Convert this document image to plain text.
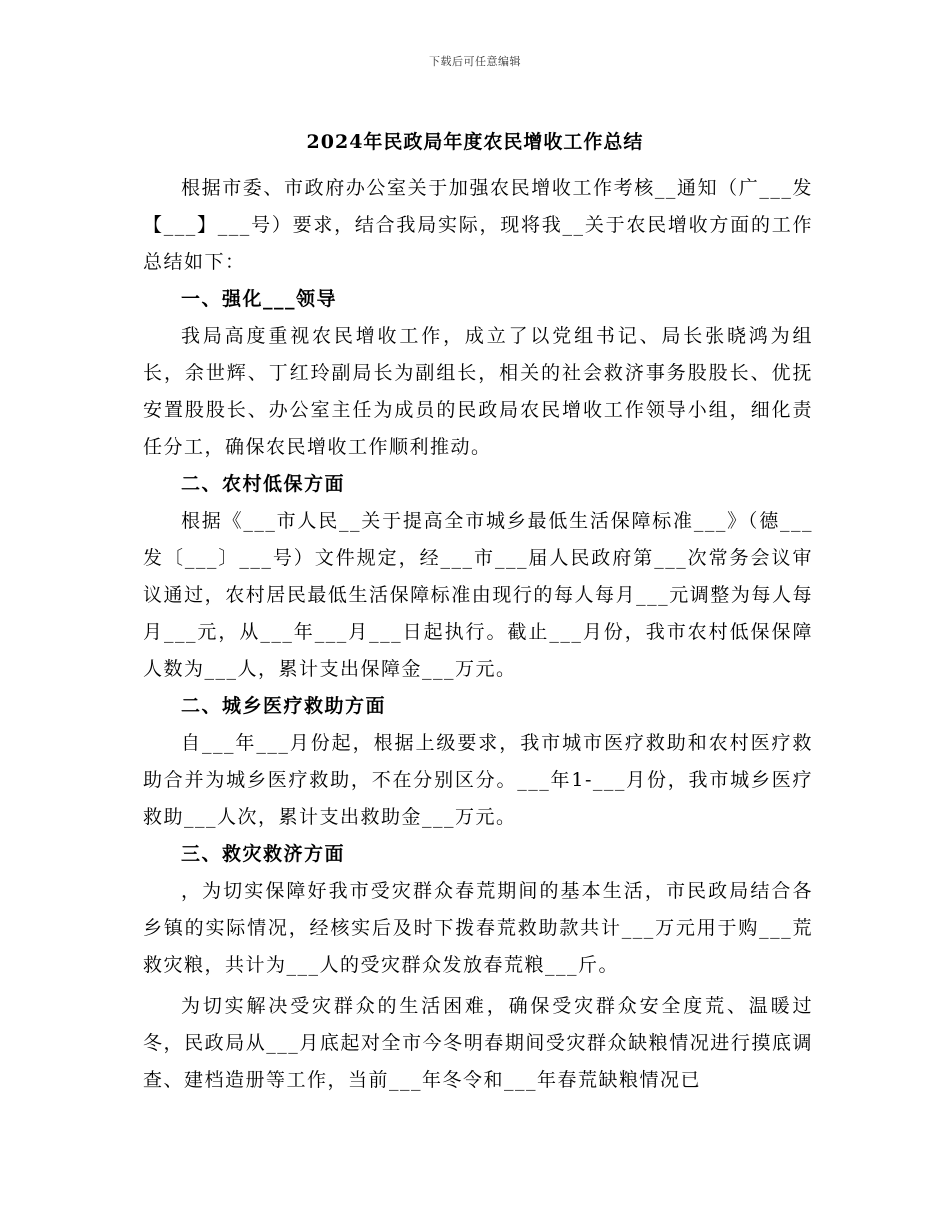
下载后可任意编辑
2024年民政局年度农民增收工作总结

根据市委、市政府办公室关于加强农民增收工作考核__通知（广___发【___】___号）要求，结合我局实际，现将我__关于农民增收方面的工作总结如下：

一、强化___领导

我局高度重视农民增收工作，成立了以党组书记、局长张晓鸿为组长，余世辉、丁红玲副局长为副组长，相关的社会救济事务股股长、优抚安置股股长、办公室主任为成员的民政局农民增收工作领导小组，细化责任分工，确保农民增收工作顺利推动。

二、农村低保方面

根据《___市人民__关于提高全市城乡最低生活保障标准___》（德___发〔___〕___号）文件规定，经___市___届人民政府第___次常务会议审议通过，农村居民最低生活保障标准由现行的每人每月___元调整为每人每月___元，从___年___月___日起执行。截止___月份，我市农村低保保障人数为___人，累计支出保障金___万元。

二、城乡医疗救助方面

自___年___月份起，根据上级要求，我市城市医疗救助和农村医疗救助合并为城乡医疗救助，不在分别区分。___年1-___月份，我市城乡医疗救助___人次，累计支出救助金___万元。

三、救灾救济方面

，为切实保障好我市受灾群众春荒期间的基本生活，市民政局结合各乡镇的实际情况，经核实后及时下拨春荒救助款共计___万元用于购___荒救灾粮，共计为___人的受灾群众发放春荒粮___斤。

为切实解决受灾群众的生活困难，确保受灾群众安全度荒、温暖过冬，民政局从___月底起对全市今冬明春期间受灾群众缺粮情况进行摸底调查、建档造册等工作，当前___年冬令和___年春荒缺粮情况已
